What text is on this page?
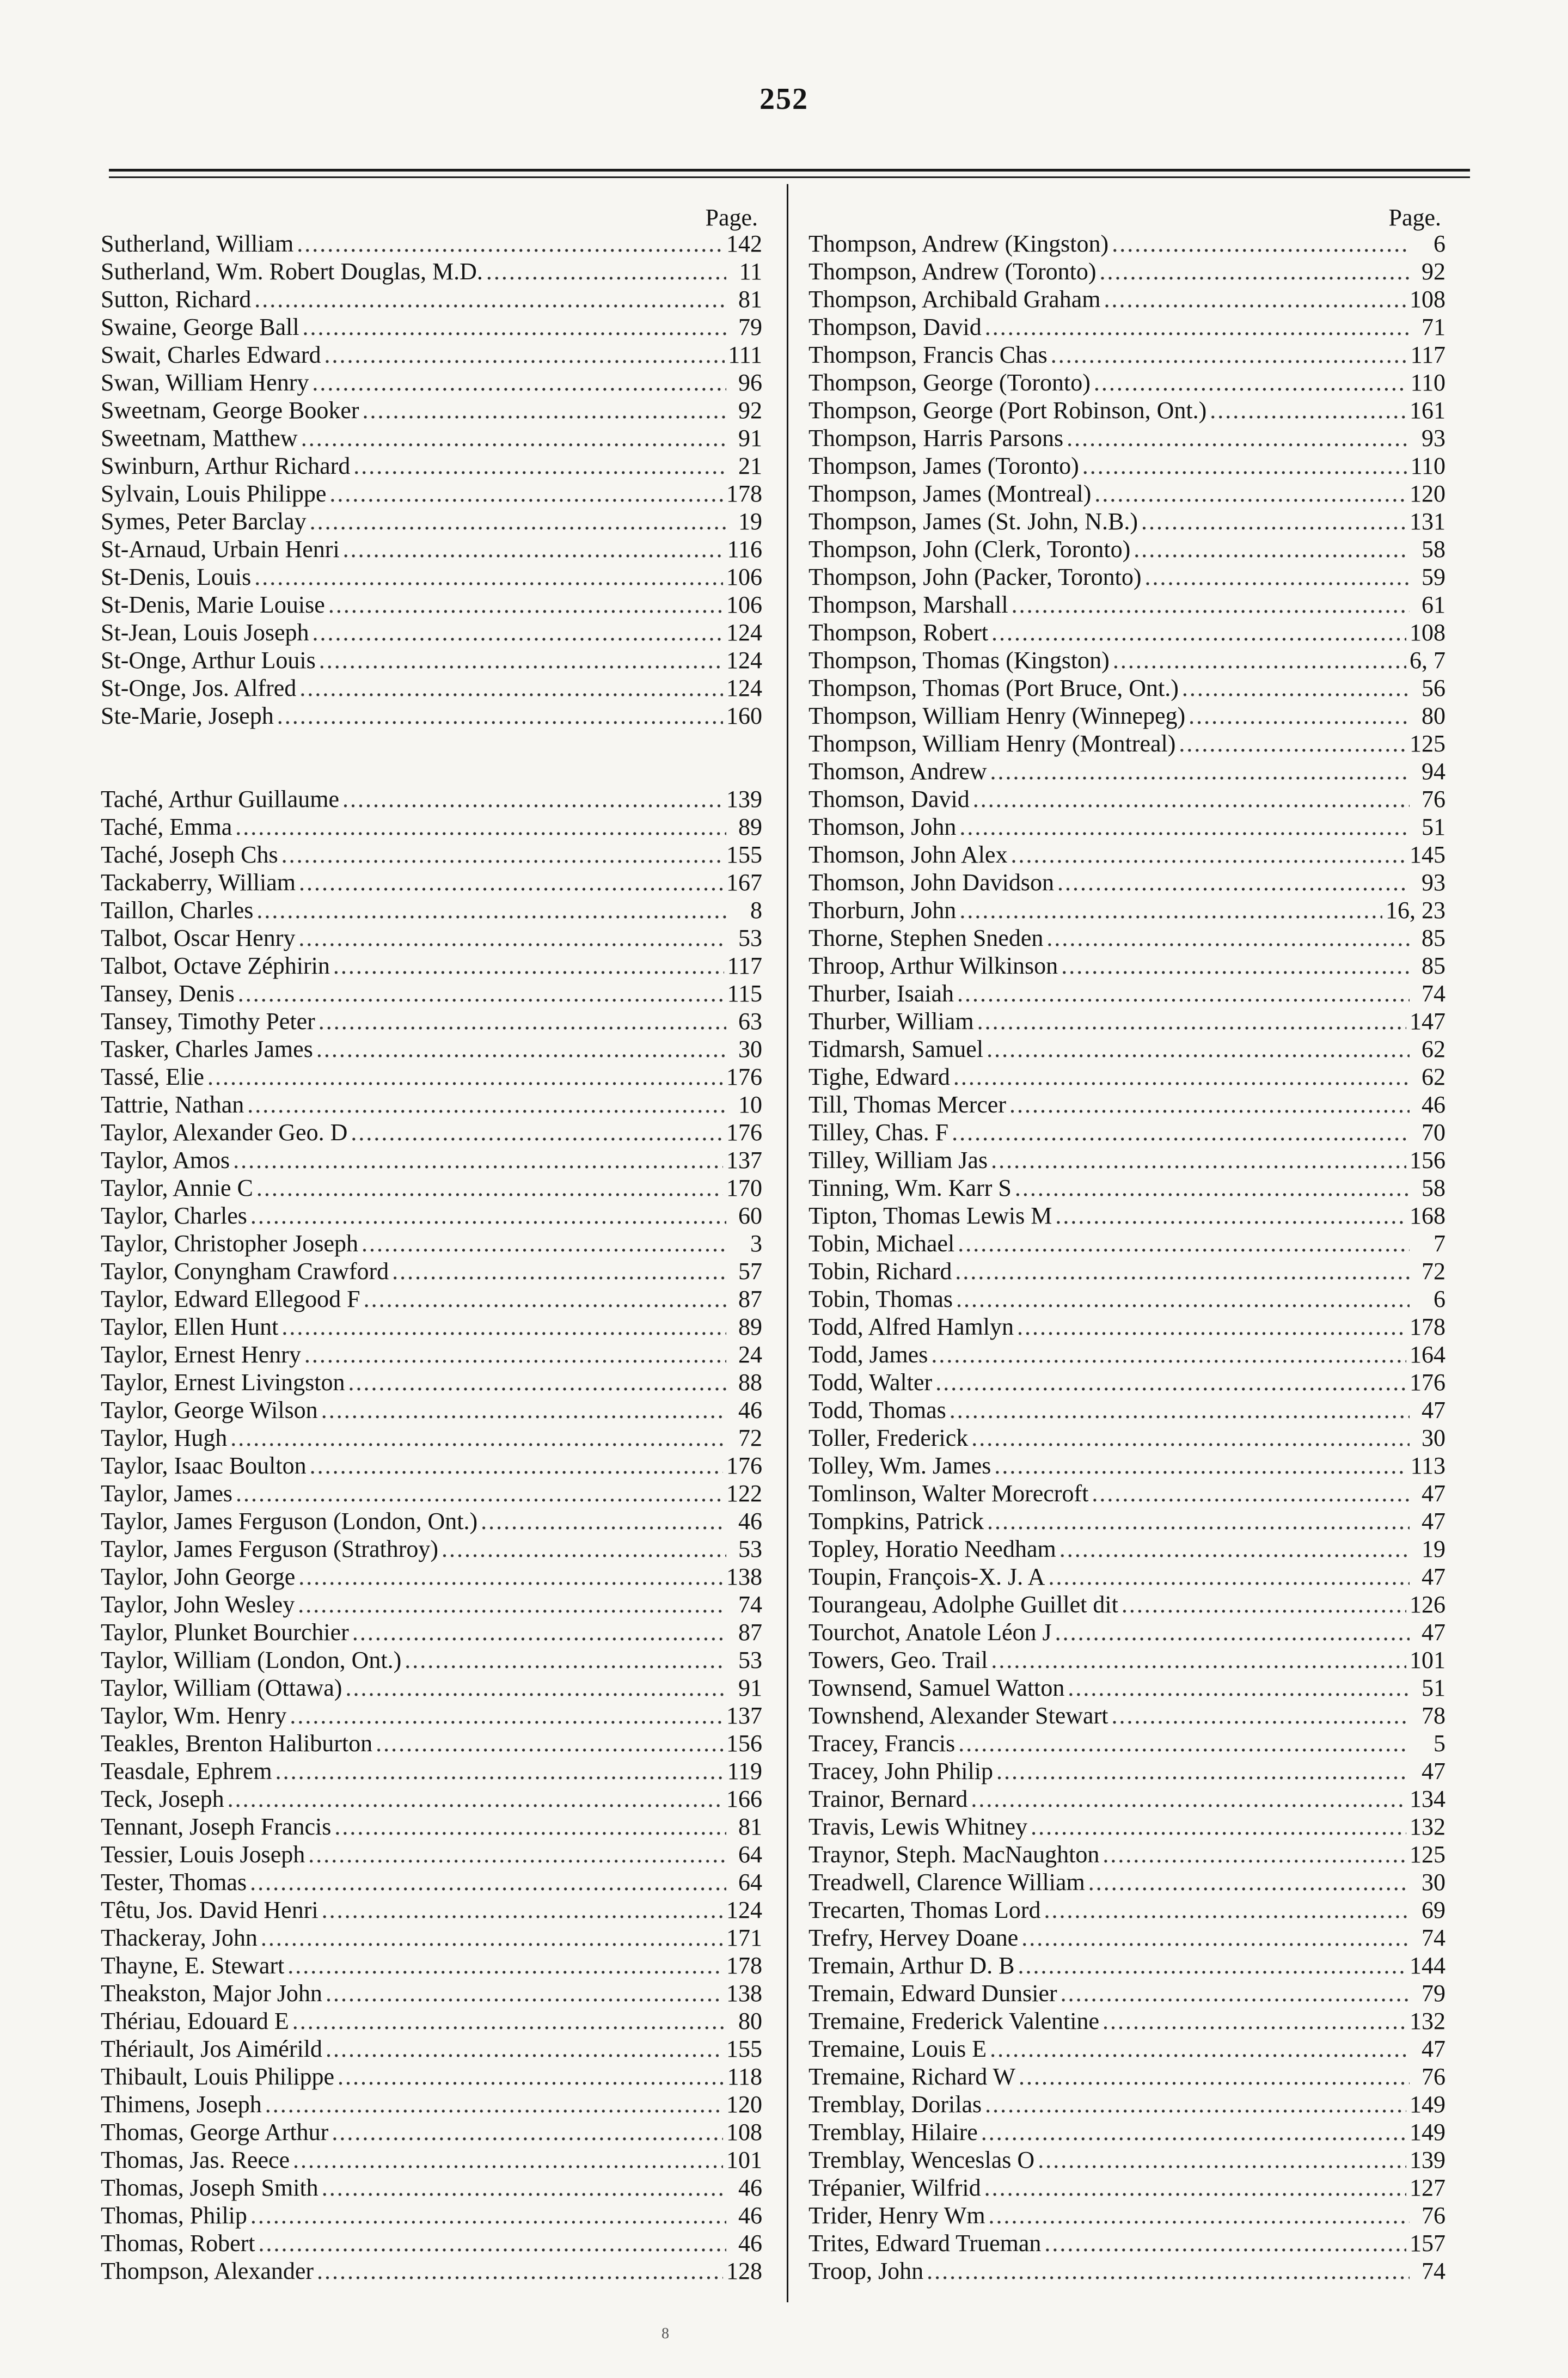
252
Page.
Sutherland, William . . .	142
Sutherland, Wm. Robert Douglas, M.D. . . .	11
Sutton, Richard . . .	81
Swaine, George Ball . . .	79
Swait, Charles Edward . . .	111
Swan, William Henry . . .	96
Sweetnam, George Booker . . .	92
Sweetnam, Matthew . . .	91
Swinburn, Arthur Richard . . .	21
Sylvain, Louis Philippe . . .	178
Symes, Peter Barclay . . .	19
St-Arnaud, Urbain Henri . . .	116
St-Denis, Louis . . .	106
St-Denis, Marie Louise . . .	106
St-Jean, Louis Joseph . . .	124
St-Onge, Arthur Louis . . .	124
St-Onge, Jos. Alfred . . .	124
Ste-Marie, Joseph . . .	160
Taché, Arthur Guillaume . . .	139
Taché, Emma . . .	89
Taché, Joseph Chs . . .	155
Tackaberry, William . . .	167
Taillon, Charles . . .	8
Talbot, Oscar Henry . . .	53
Talbot, Octave Zéphirin . . .	117
Tansey, Denis . . .	115
Tansey, Timothy Peter . . .	63
Tasker, Charles James . . .	30
Tassé, Elie . . .	176
Tattrie, Nathan . . .	10
Taylor, Alexander Geo. D . . .	176
Taylor, Amos . . .	137
Taylor, Annie C . . .	170
Taylor, Charles . . .	60
Taylor, Christopher Joseph . . .	3
Taylor, Conyngham Crawford . . .	57
Taylor, Edward Ellegood F . . .	87
Taylor, Ellen Hunt . . .	89
Taylor, Ernest Henry . . .	24
Taylor, Ernest Livingston . . .	88
Taylor, George Wilson . . .	46
Taylor, Hugh . . .	72
Taylor, Isaac Boulton . . .	176
Taylor, James . . .	122
Taylor, James Ferguson (London, Ont.) . . .	46
Taylor, James Ferguson (Strathroy) . . .	53
Taylor, John George . . .	138
Taylor, John Wesley . . .	74
Taylor, Plunket Bourchier . . .	87
Taylor, William (London, Ont.) . . .	53
Taylor, William (Ottawa) . . .	91
Taylor, Wm. Henry . . .	137
Teakles, Brenton Haliburton . . .	156
Teasdale, Ephrem . . .	119
Teck, Joseph . . .	166
Tennant, Joseph Francis . . .	81
Tessier, Louis Joseph . . .	64
Tester, Thomas . . .	64
Têtu, Jos. David Henri . . .	124
Thackeray, John . . .	171
Thayne, E. Stewart . . .	178
Theakston, Major John . . .	138
Thériau, Edouard E . . .	80
Thériault, Jos Aimérild . . .	155
Thibault, Louis Philippe . . .	118
Thimens, Joseph . . .	120
Thomas, George Arthur . . .	108
Thomas, Jas. Reece . . .	101
Thomas, Joseph Smith . . .	46
Thomas, Philip . . .	46
Thomas, Robert . . .	46
Thompson, Alexander . . .	128
Page.
Thompson, Andrew (Kingston) . . .	6
Thompson, Andrew (Toronto) . . .	92
Thompson, Archibald Graham . . .	108
Thompson, David . . .	71
Thompson, Francis Chas . . .	117
Thompson, George (Toronto) . . .	110
Thompson, George (Port Robinson, Ont.) . . .	161
Thompson, Harris Parsons . . .	93
Thompson, James (Toronto) . . .	110
Thompson, James (Montreal) . . .	120
Thompson, James (St. John, N.B.) . . .	131
Thompson, John (Clerk, Toronto) . . .	58
Thompson, John (Packer, Toronto) . . .	59
Thompson, Marshall . . .	61
Thompson, Robert . . .	108
Thompson, Thomas (Kingston) . . .	6, 7
Thompson, Thomas (Port Bruce, Ont.) . . .	56
Thompson, William Henry (Winnepeg) . . .	80
Thompson, William Henry (Montreal) . . .	125
Thomson, Andrew . . .	94
Thomson, David . . .	76
Thomson, John . . .	51
Thomson, John Alex . . .	145
Thomson, John Davidson . . .	93
Thorburn, John . . .	16, 23
Thorne, Stephen Sneden . . .	85
Throop, Arthur Wilkinson . . .	85
Thurber, Isaiah . . .	74
Thurber, William . . .	147
Tidmarsh, Samuel . . .	62
Tighe, Edward . . .	62
Till, Thomas Mercer . . .	46
Tilley, Chas. F . . .	70
Tilley, William Jas . . .	156
Tinning, Wm. Karr S . . .	58
Tipton, Thomas Lewis M . . .	168
Tobin, Michael . . .	7
Tobin, Richard . . .	72
Tobin, Thomas . . .	6
Todd, Alfred Hamlyn . . .	178
Todd, James . . .	164
Todd, Walter . . .	176
Todd, Thomas . . .	47
Toller, Frederick . . .	30
Tolley, Wm. James . . .	113
Tomlinson, Walter Morecroft . . .	47
Tompkins, Patrick . . .	47
Topley, Horatio Needham . . .	19
Toupin, François-X. J. A . . .	47
Tourangeau, Adolphe Guillet dit . . .	126
Tourchot, Anatole Léon J . . .	47
Towers, Geo. Trail . . .	101
Townsend, Samuel Watton . . .	51
Townshend, Alexander Stewart . . .	78
Tracey, Francis . . .	5
Tracey, John Philip . . .	47
Trainor, Bernard . . .	134
Travis, Lewis Whitney . . .	132
Traynor, Steph. MacNaughton . . .	125
Treadwell, Clarence William . . .	30
Trecarten, Thomas Lord . . .	69
Trefry, Hervey Doane . . .	74
Tremain, Arthur D. B . . .	144
Tremain, Edward Dunsier . . .	79
Tremaine, Frederick Valentine . . .	132
Tremaine, Louis E . . .	47
Tremaine, Richard W . . .	76
Tremblay, Dorilas . . .	149
Tremblay, Hilaire . . .	149
Tremblay, Wenceslas O . . .	139
Trépanier, Wilfrid . . .	127
Trider, Henry Wm . . .	76
Trites, Edward Trueman . . .	157
Troop, John . . .	74
8
